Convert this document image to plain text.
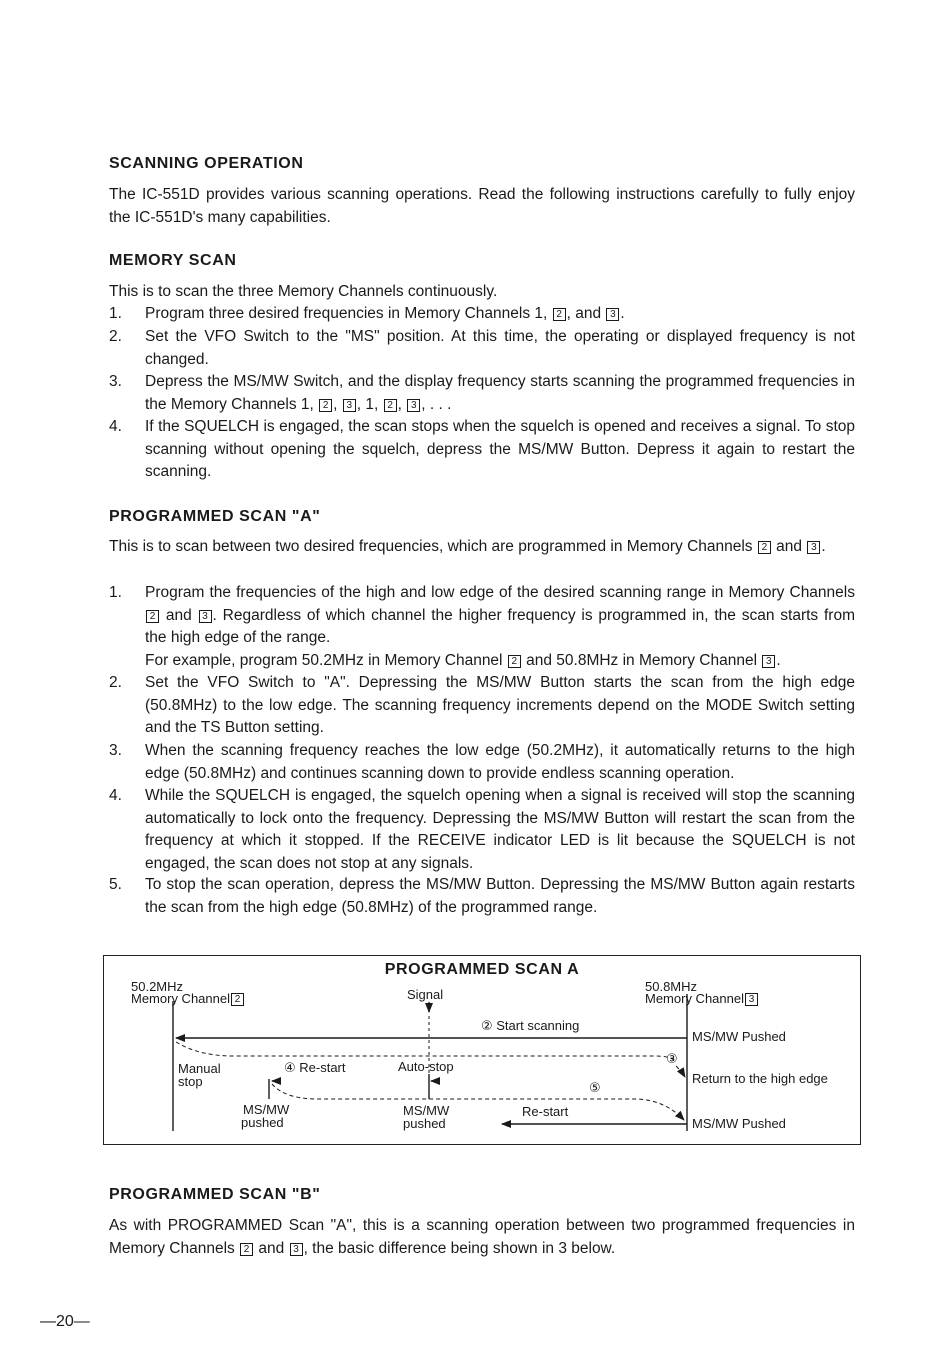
SCANNING OPERATION
The IC-551D provides various scanning operations. Read the following instructions carefully to fully enjoy the IC-551D's many capabilities.
MEMORY SCAN
This is to scan the three Memory Channels continuously.
1.	Program three desired frequencies in Memory Channels 1, 2 , and 3 .
2.	Set the VFO Switch to the "MS" position. At this time, the operating or displayed frequency is not changed.
3.	Depress the MS/MW Switch, and the display frequency starts scanning the programmed frequencies in the Memory Channels 1, 2 , 3 , 1, 2 , 3 , . . .
4.	If the SQUELCH is engaged, the scan stops when the squelch is opened and receives a signal. To stop scanning without opening the squelch, depress the MS/MW Button. Depress it again to restart the scanning.
PROGRAMMED SCAN "A"
This is to scan between two desired frequencies, which are programmed in Memory Channels 2 and 3 .
1.	Program the frequencies of the high and low edge of the desired scanning range in Memory Channels 2 and 3 . Regardless of which channel the higher frequency is programmed in, the scan starts from the high edge of the range.
For example, program 50.2MHz in Memory Channel 2 and 50.8MHz in Memory Channel 3 .
2.	Set the VFO Switch to "A". Depressing the MS/MW Button starts the scan from the high edge (50.8MHz) to the low edge. The scanning frequency increments depend on the MODE Switch setting and the TS Button setting.
3.	When the scanning frequency reaches the low edge (50.2MHz), it automatically returns to the high edge (50.8MHz) and continues scanning down to provide endless scanning operation.
4.	While the SQUELCH is engaged, the squelch opening when a signal is received will stop the scanning automatically to lock onto the frequency. Depressing the MS/MW Button will restart the scan from the frequency at which it stopped. If the RECEIVE indicator LED is lit because the SQUELCH is not engaged, the scan does not stop at any signals.
5.	To stop the scan operation, depress the MS/MW Button. Depressing the MS/MW Button again restarts the scan from the high edge (50.8MHz) of the programmed range.
PROGRAMMED SCAN A
50.2MHz
Memory Channel 2
50.8MHz
Memory Channel 3
Signal
② Start scanning
MS/MW Pushed
③
Manual
stop
④ Re-start	Auto-stop
Return to the high edge
⑤
MS/MW
pushed
MS/MW
pushed
Re-start
MS/MW Pushed
PROGRAMMED SCAN "B"
As with PROGRAMMED Scan "A", this is a scanning operation between two programmed frequencies in Memory Channels 2 and 3 , the basic difference being shown in 3 below.
—20—
